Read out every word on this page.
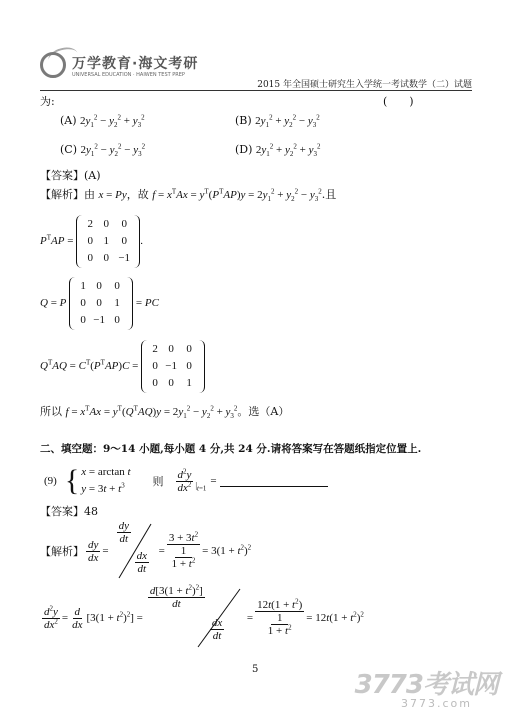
万学教育·海文考研
UNIVERSAL EDUCATION · HAIWEN TEST PREP
2015 年全国硕士研究生入学统一考试数学（二）试题
为:	(　　)
(A) $2y_1^2 - y_2^2 + y_3^2$	(B) $2y_1^2 + y_2^2 - y_3^2$
(C) $2y_1^2 - y_2^2 - y_3^2$	(D) $2y_1^2 + y_2^2 + y_3^2$
【答案】(A)
【解析】由 x = Py，故 $f = x^TAx = y^T(P^TAP)y = 2y_1^2 + y_2^2 - y_3^2$.且
$P^TAP$ =
2 0	0
0 1	0
0 0 −1
.
Q = P
1 0	0
0 0	1
0 −1 0
= PC
$Q^TAQ = C^T(P^TAP)C$ =
2 0	0
0 −1 0
0 0	1
所以 $f = x^TAx = y^T(Q^TAQ)y = 2y_1^2 - y_2^2 + y_3^2$。选（A）
二、填空题：9～14 小题,每小题 4 分,共 24 分.请将答案写在答题纸指定位置上.
(9) { x = arctan t
$y = 3t + t^3$	则 $\frac{d^2y}{dx^2} |_{t=1}$
=
【答案】48
【解析】 $\frac{dy}{dx}$ =
$\frac{dy}{dt}$
$\frac{dx}{dt} = 3 + 3t^2$
1
$1 + t^2 = 3(1 + t^2)^2$
$\frac{d^2y}{dx^2} = \frac{d}{dx} [3(1 + t^2)^2]$ =
$\frac{d[3(1 + t^2)^2]}{dt}$
$\frac{dx}{dt} = 12t(1 + t^2)$
1
$1 + t^2 = 12t(1 + t^2)^2$
5
3773考试网
3773.com
